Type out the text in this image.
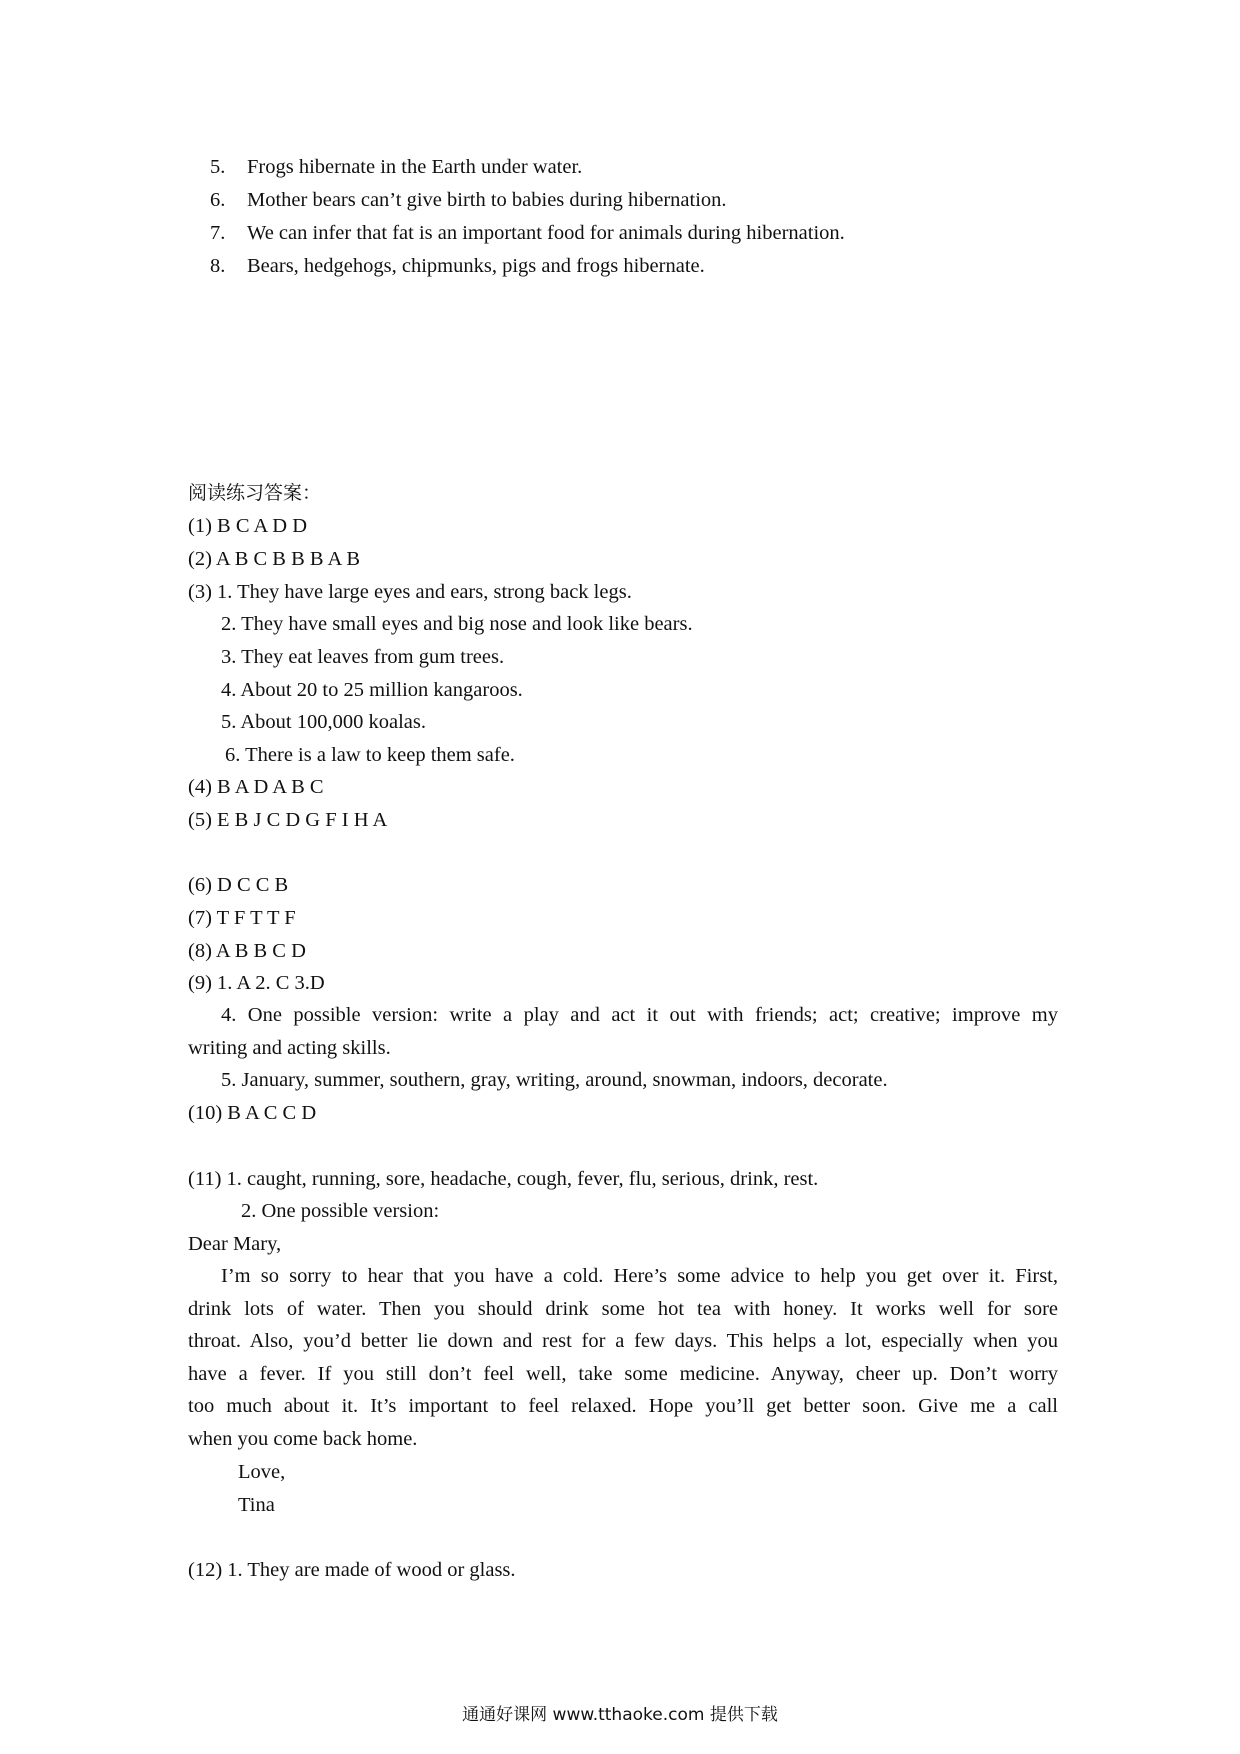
5. Frogs hibernate in the Earth under water.
6. Mother bears can’t give birth to babies during hibernation.
7. We can infer that fat is an important food for animals during hibernation.
8. Bears, hedgehogs, chipmunks, pigs and frogs hibernate.
阅读练习答案：
(1) B C A D D
(2) A B C B B B A B
(3) 1. They have large eyes and ears, strong back legs.
2. They have small eyes and big nose and look like bears.
3. They eat leaves from gum trees.
4. About 20 to 25 million kangaroos.
5. About 100,000 koalas.
6. There is a law to keep them safe.
(4) B A D A B C
(5) E B J C D G F I H A
(6) D C C B
(7) T F T T F
(8) A B B C D
(9) 1. A 2. C 3.D
4. One possible version: write a play and act it out with friends; act; creative; improve my
writing and acting skills.
5. January, summer, southern, gray, writing, around, snowman, indoors, decorate.
(10) B A C C D
(11) 1. caught, running, sore, headache, cough, fever, flu, serious, drink, rest.
2. One possible version:
Dear Mary,
I’m so sorry to hear that you have a cold. Here’s some advice to help you get over it. First,
drink lots of water. Then you should drink some hot tea with honey. It works well for sore
throat. Also, you’d better lie down and rest for a few days. This helps a lot, especially when you
have a fever. If you still don’t feel well, take some medicine. Anyway, cheer up. Don’t worry
too much about it. It’s important to feel relaxed. Hope you’ll get better soon. Give me a call
when you come back home.
Love,
Tina
(12) 1. They are made of wood or glass.
通通好课网 www.tthaoke.com 提供下载
